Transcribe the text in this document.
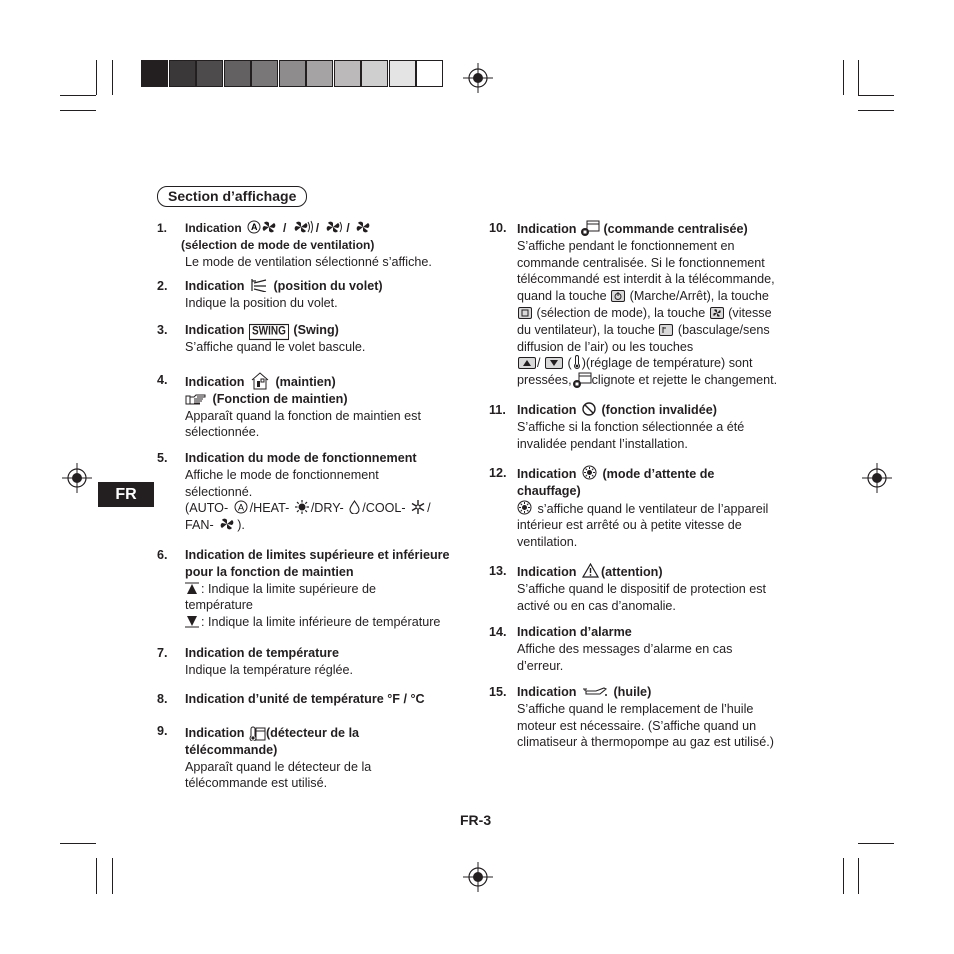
FR
Section d’affichage
1. Indication A / / /
(sélection de mode de ventilation)
Le mode de ventilation sélectionné s’affiche.
2. Indication (position du volet)
Indique la position du volet.
3. Indication SWING (Swing)
S’affiche quand le volet bascule.
4. Indication (maintien)
(Fonction de maintien)
Apparaît quand la fonction de maintien est
sélectionnée.
5. Indication du mode de fonctionnement
Affiche le mode de fonctionnement
sélectionné.
(AUTO- A /HEAT- /DRY- /COOL- /
FAN- ).
6. Indication de limites supérieure et inférieure
pour la fonction de maintien
: Indique la limite supérieure de
température
: Indique la limite inférieure de température
7. Indication de température
Indique la température réglée.
8. Indication d’unité de température °F / °C
9. Indication (détecteur de la
télécommande)
Apparaît quand le détecteur de la
télécommande est utilisé.
10. Indication (commande centralisée)
S’affiche pendant le fonctionnement en
commande centralisée. Si le fonctionnement
télécommandé est interdit à la télécommande,
quand la touche (Marche/Arrêt), la touche
(sélection de mode), la touche (vitesse
du ventilateur), la touche (basculage/sens
diffusion de l’air) ou les touches
/ ( )(réglage de température) sont
pressées, clignote et rejette le changement.
11. Indication (fonction invalidée)
S’affiche si la fonction sélectionnée a été
invalidée pendant l’installation.
12. Indication (mode d’attente de
chauffage)
s’affiche quand le ventilateur de l’appareil
intérieur est arrêté ou à petite vitesse de
ventilation.
13. Indication (attention)
S’affiche quand le dispositif de protection est
activé ou en cas d’anomalie.
14. Indication d’alarme
Affiche des messages d’alarme en cas
d’erreur.
15. Indication	(huile)
S’affiche quand le remplacement de l’huile
moteur est nécessaire. (S’affiche quand un
climatiseur à thermopompe au gaz est utilisé.)
FR-3
